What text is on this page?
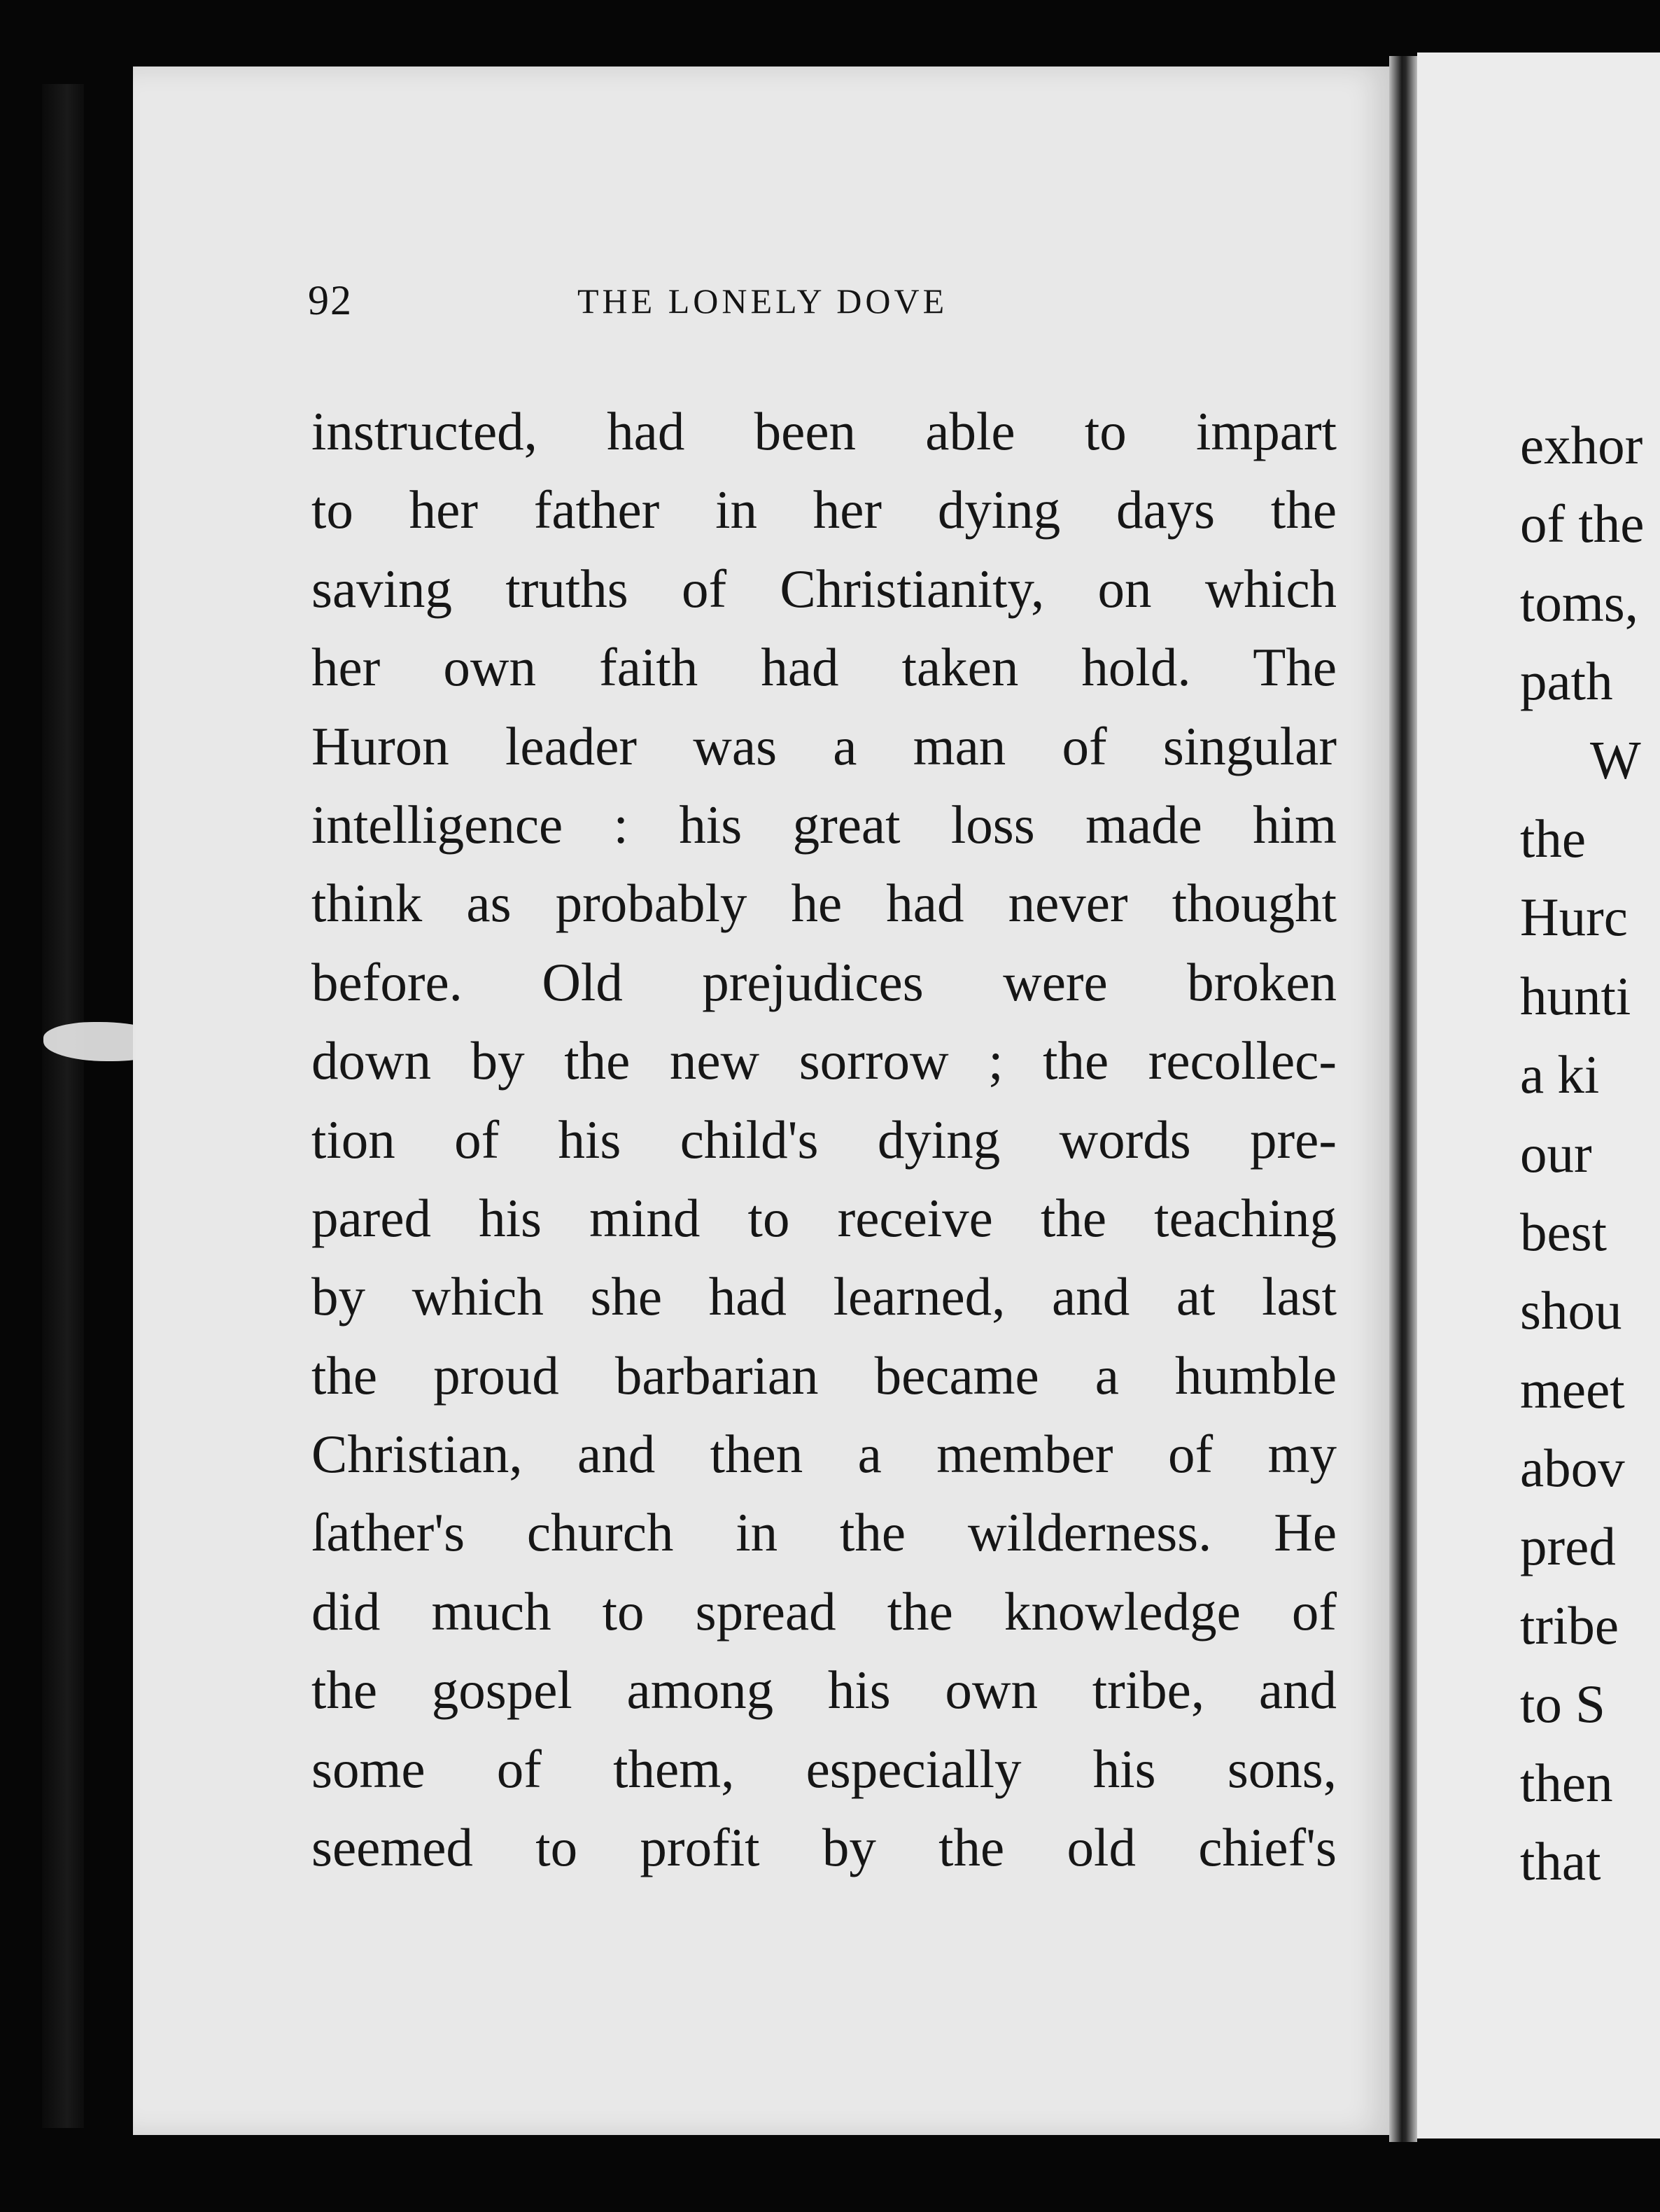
92	THE LONELY DOVE
instructed, had been able to impart
to her father in her dying days the
saving truths of Christianity, on which
her own faith had taken hold. The
Huron leader was a man of singular
intelligence : his great loss made him
think as probably he had never thought
before. Old prejudices were broken
down by the new sorrow ; the recollec-
tion of his child's dying words pre-
pared his mind to receive the teaching
by which she had learned, and at last
the proud barbarian became a humble
Christian, and then a member of my
ſather's church in the wilderness. He
did much to spread the knowledge of
the gospel among his own tribe, and
some of them, especially his sons,
seemed to profit by the old chief's
exhor
of the
toms,
path
W
the
Hurc
hunti
a ki
our
best
shou
meet
abov
pred
tribe
to S
then
that
